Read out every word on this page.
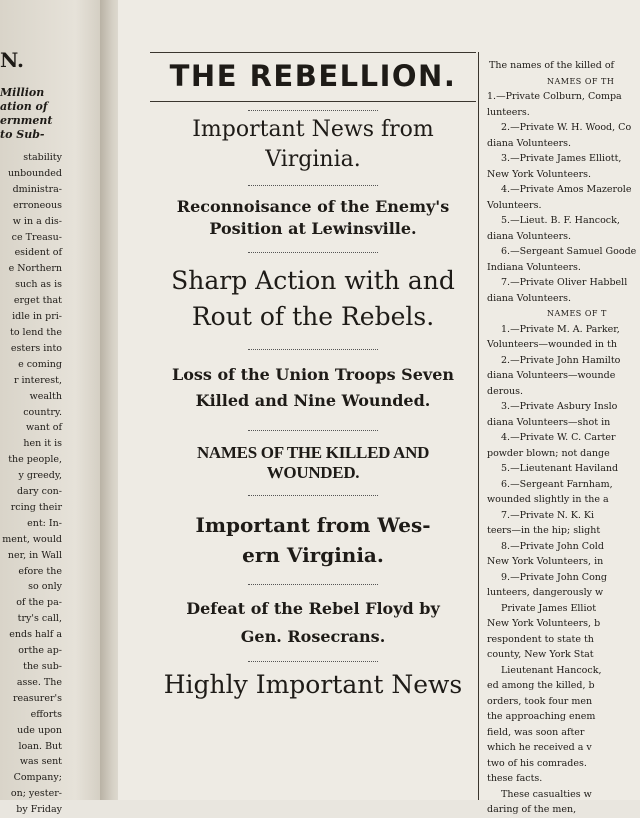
N.
Million
ation of
ernment
to Sub-
stability
unbounded
dministra-
erroneous
w in a dis-
ce Treasu-
esident of
e Northern
such as is
erget that
idle in pri-
to lend the
esters into
e coming
r interest,
wealth
country.
want of
hen it is
the people,
y greedy,
dary con-
rcing their
ent: In-
ment, would
ner, in Wall
efore the
so only
of the pa-
try's call,
ends half a
orthe ap-
the sub-
asse. The
reasurer's
efforts
ude upon
loan. But
was sent
Company;
on; yester-
by Friday
THE REBELLION.
Important News from
Virginia.
Reconnoisance of the Enemy's
Position at Lewinsville.
Sharp Action with and
Rout of the Rebels.
Loss of the Union Troops Seven
Killed and Nine Wounded.
NAMES OF THE KILLED AND WOUNDED.
Important from Wes-
ern Virginia.
Defeat of the Rebel Floyd by
Gen. Rosecrans.
Highly Important News
The names of the killed of
NAMES OF TH
1.—Private Colburn, Compa
lunteers.
2.—Private W. H. Wood, Co
diana Volunteers.
3.—Private James Elliott,
New York Volunteers.
4.—Private Amos Mazerole
Volunteers.
5.—Lieut. B. F. Hancock,
diana Volunteers.
6.—Sergeant Samuel Goode
Indiana Volunteers.
7.—Private Oliver Habbell
diana Volunteers.
NAMES OF T
1.—Private M. A. Parker,
Volunteers—wounded in th
2.—Private John Hamilto
diana Volunteers—wounde
derous.
3.—Private Asbury Inslo
diana Volunteers—shot in
4.—Private W. C. Carter
powder blown; not dange
5.—Lieutenant Haviland
6.—Sergeant Farnham,
wounded slightly in the a
7.—Private N. K. Ki
teers—in the hip; slight
8.—Private John Cold
New York Volunteers, in
9.—Private John Cong
lunteers, dangerously w
Private James Elliot
New York Volunteers, b
respondent to state th
county, New York Stat
Lieutenant Hancock,
ed among the killed, b
orders, took four men
the approaching enem
field, was soon after
which he received a v
two of his comrades.
these facts.
These casualties w
daring of the men,
